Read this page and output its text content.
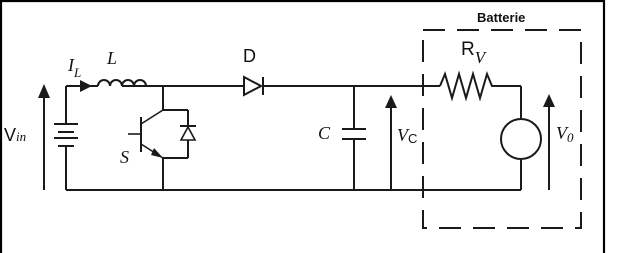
Batterie
Vin
$I_L$
L
S
D
C	VC
RV
V0
